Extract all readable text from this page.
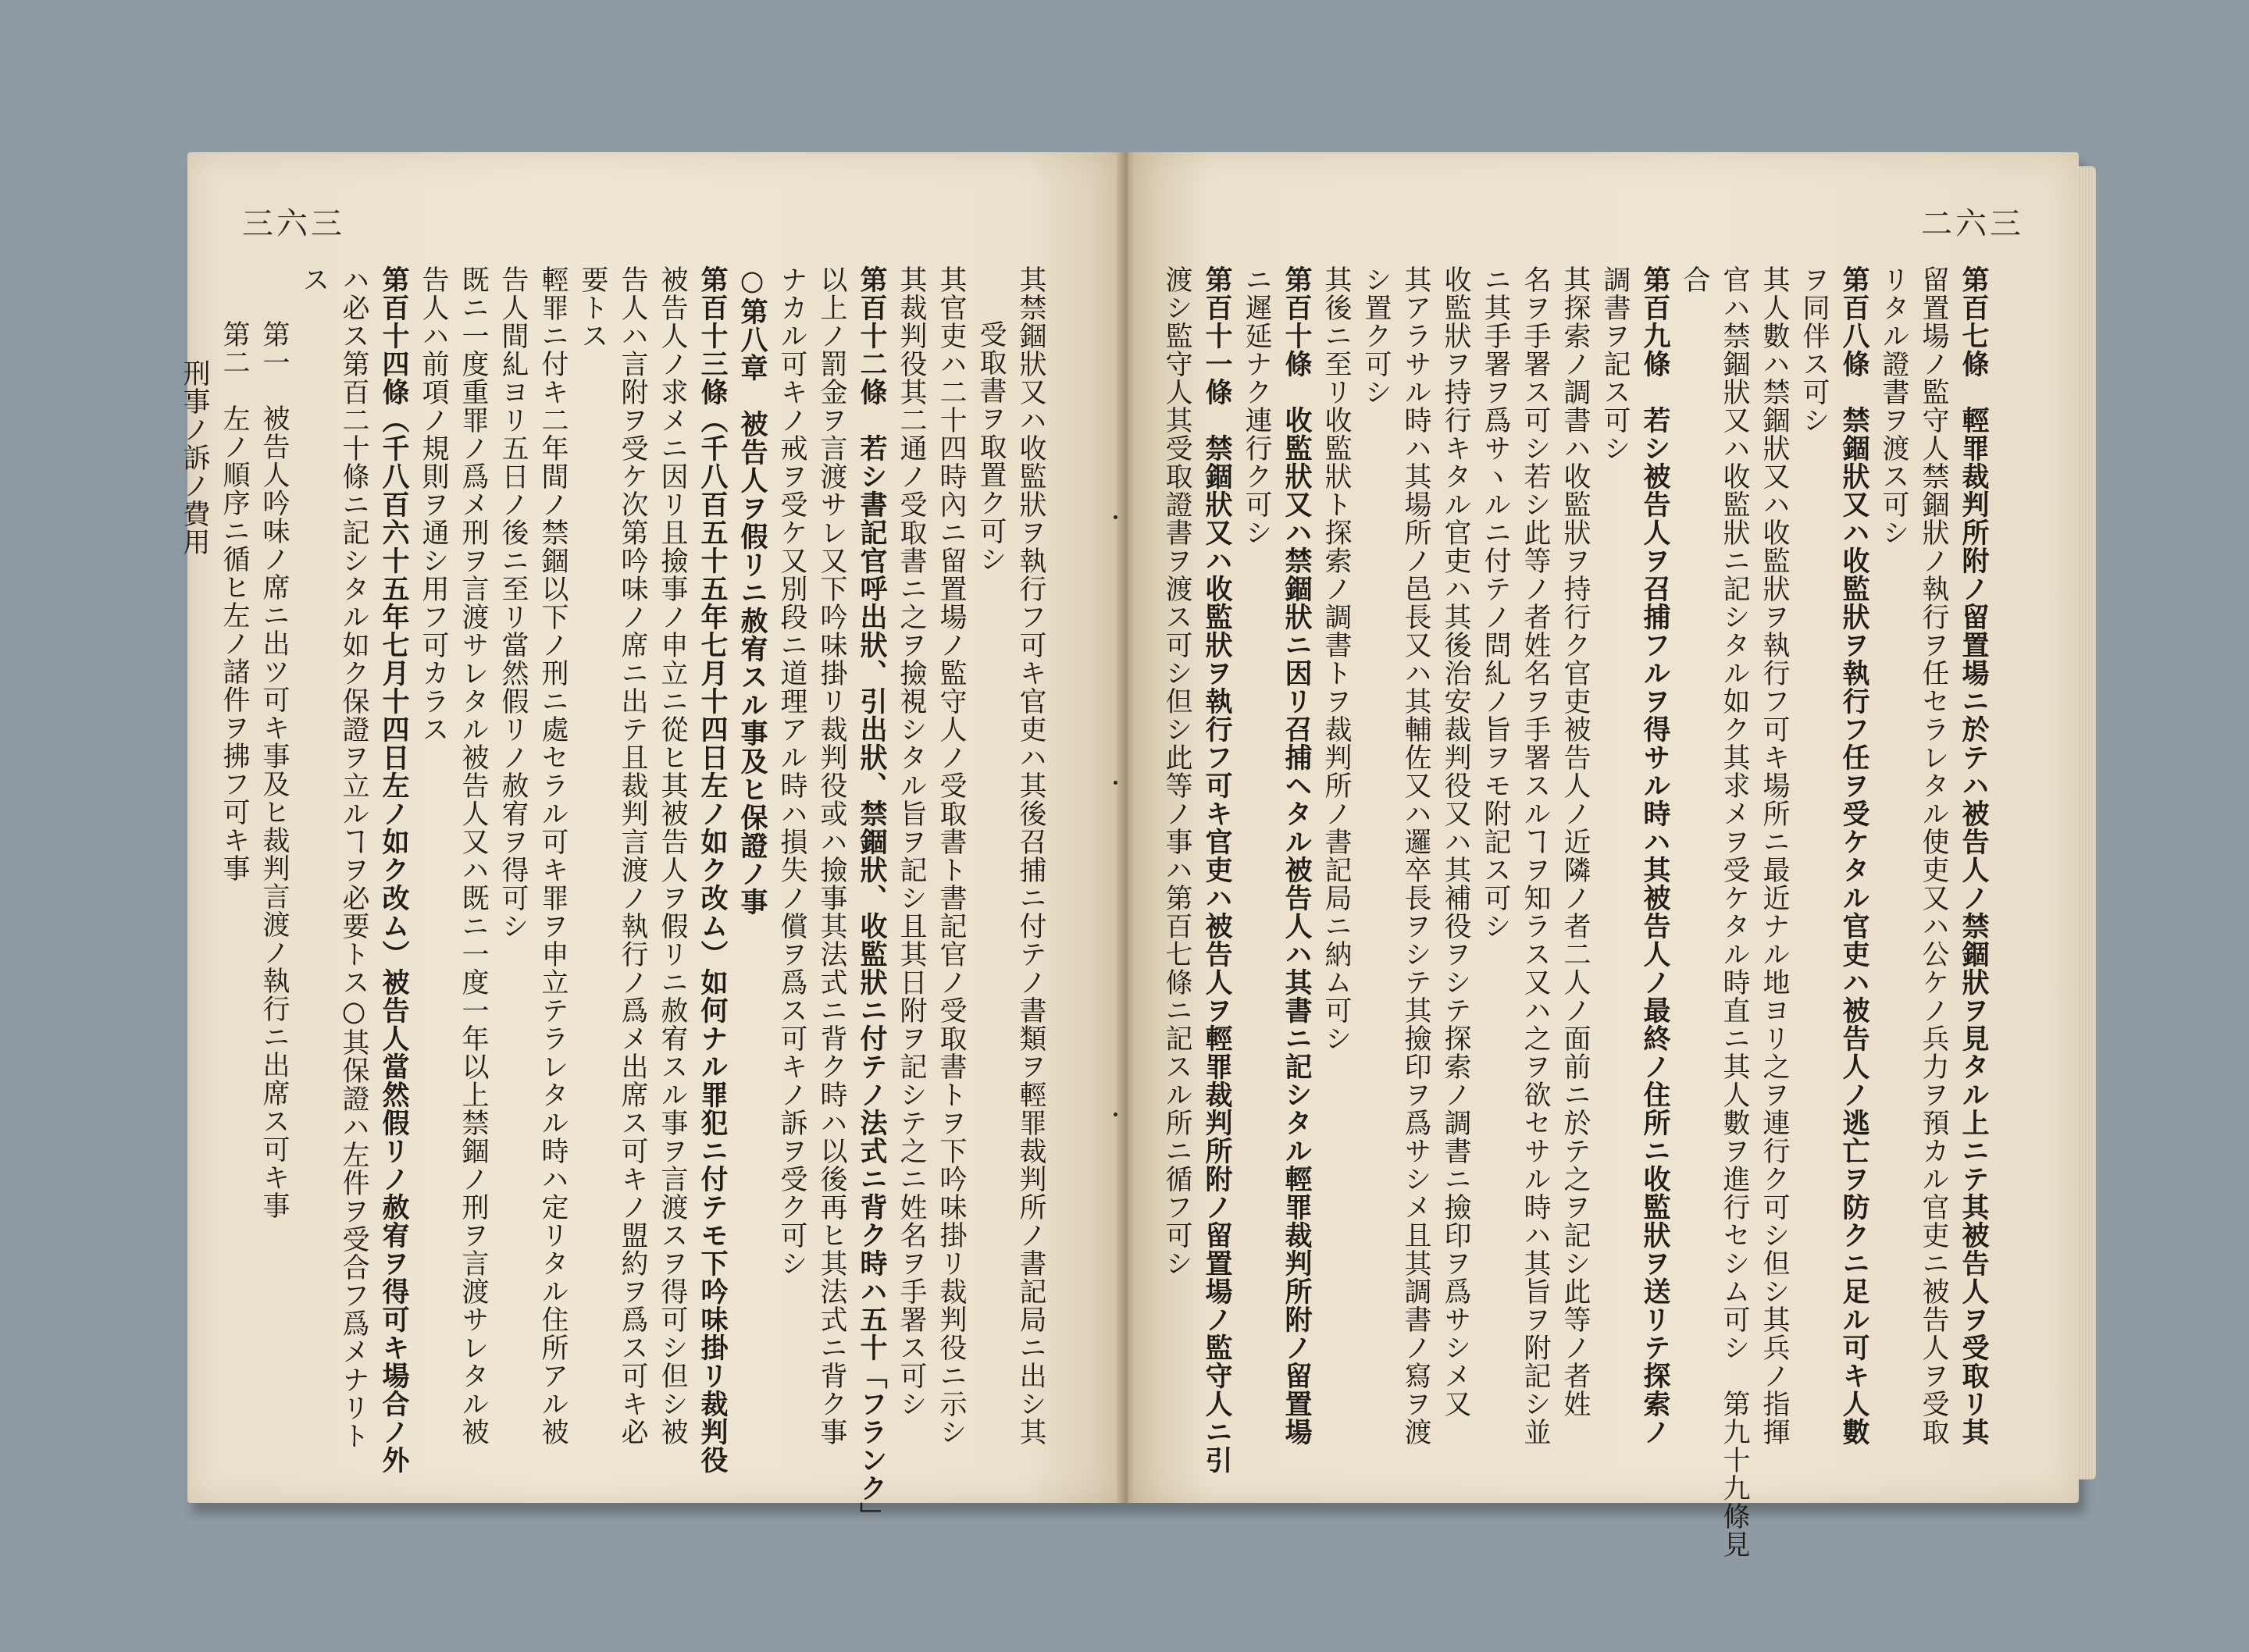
三六三
其禁錮狀又ハ收監狀ヲ執行フ可キ官吏ハ其後召捕ニ付テノ書類ヲ輕罪裁判所ノ書記局ニ出シ其
受取書ヲ取置ク可シ
其官吏ハ二十四時內ニ留置場ノ監守人ノ受取書ト書記官ノ受取書トヲ下吟味掛リ裁判役ニ示シ
其裁判役其二通ノ受取書ニ之ヲ撿視シタル旨ヲ記シ且其日附ヲ記シテ之ニ姓名ヲ手署ス可シ
第百十二條　若シ書記官呼出狀、引出狀、禁錮狀、收監狀ニ付テノ法式ニ背ク時ハ五十「フランク」
以上ノ罰金ヲ言渡サレ又下吟味掛リ裁判役或ハ撿事其法式ニ背ク時ハ以後再ヒ其法式ニ背ク事
ナカル可キノ戒ヲ受ケ又別段ニ道理アル時ハ損失ノ償ヲ爲ス可キノ訴ヲ受ク可シ
○第八章　被告人ヲ假リニ赦宥スル事及ヒ保證ノ事
第百十三條（千八百五十五年七月十四日左ノ如ク改ム）如何ナル罪犯ニ付テモ下吟味掛リ裁判役
被告人ノ求メニ因リ且撿事ノ申立ニ從ヒ其被告人ヲ假リニ赦宥スル事ヲ言渡スヲ得可シ但シ被
告人ハ言附ヲ受ケ次第吟味ノ席ニ出テ且裁判言渡ノ執行ノ爲メ出席ス可キノ盟約ヲ爲ス可キ必
要トス
輕罪ニ付キ二年間ノ禁錮以下ノ刑ニ處セラル可キ罪ヲ申立テラレタル時ハ定リタル住所アル被
告人間糺ヨリ五日ノ後ニ至リ當然假リノ赦宥ヲ得可シ
既ニ一度重罪ノ爲メ刑ヲ言渡サレタル被告人又ハ既ニ一度一年以上禁錮ノ刑ヲ言渡サレタル被
告人ハ前項ノ規則ヲ通シ用フ可カラス
第百十四條（千八百六十五年七月十四日左ノ如ク改ム）被告人當然假リノ赦宥ヲ得可キ場合ノ外
ハ必ス第百二十條ニ記シタル如ク保證ヲ立ルヿヲ必要トス○其保證ハ左件ヲ受合フ爲メナリト
ス
第一　被告人吟味ノ席ニ出ツ可キ事及ヒ裁判言渡ノ執行ニ出席ス可キ事
第二　左ノ順序ニ循ヒ左ノ諸件ヲ拂フ可キ事
刑事ノ訴ノ費用
二六三
第百七條　輕罪裁判所附ノ留置場ニ於テハ被告人ノ禁錮狀ヲ見タル上ニテ其被告人ヲ受取リ其
留置場ノ監守人禁錮狀ノ執行ヲ任セラレタル使吏又ハ公ケノ兵力ヲ預カル官吏ニ被告人ヲ受取
リタル證書ヲ渡ス可シ
第百八條　禁錮狀又ハ收監狀ヲ執行フ任ヲ受ケタル官吏ハ被告人ノ逃亡ヲ防クニ足ル可キ人數
ヲ同伴ス可シ
其人數ハ禁錮狀又ハ收監狀ヲ執行フ可キ場所ニ最近ナル地ヨリ之ヲ連行ク可シ但シ其兵ノ指揮
官ハ禁錮狀又ハ收監狀ニ記シタル如ク其求メヲ受ケタル時直ニ其人數ヲ進行セシム可シ　第九十九條見
合
第百九條　若シ被告人ヲ召捕フルヲ得サル時ハ其被告人ノ最終ノ住所ニ收監狀ヲ送リテ探索ノ
調書ヲ記ス可シ
其探索ノ調書ハ收監狀ヲ持行ク官吏被告人ノ近隣ノ者二人ノ面前ニ於テ之ヲ記シ此等ノ者姓
名ヲ手署ス可シ若シ此等ノ者姓名ヲ手署スルヿヲ知ラス又ハ之ヲ欲セサル時ハ其旨ヲ附記シ並
ニ其手署ヲ爲サヽルニ付テノ問糺ノ旨ヲモ附記ス可シ
收監狀ヲ持行キタル官吏ハ其後治安裁判役又ハ其補役ヲシテ探索ノ調書ニ撿印ヲ爲サシメ又
其アラサル時ハ其場所ノ邑長又ハ其輔佐又ハ邏卒長ヲシテ其撿印ヲ爲サシメ且其調書ノ寫ヲ渡
シ置ク可シ
其後ニ至リ收監狀ト探索ノ調書トヲ裁判所ノ書記局ニ納ム可シ
第百十條　收監狀又ハ禁錮狀ニ因リ召捕ヘタル被告人ハ其書ニ記シタル輕罪裁判所附ノ留置場
ニ遲延ナク連行ク可シ
第百十一條　禁錮狀又ハ收監狀ヲ執行フ可キ官吏ハ被告人ヲ輕罪裁判所附ノ留置場ノ監守人ニ引
渡シ監守人其受取證書ヲ渡ス可シ但シ此等ノ事ハ第百七條ニ記スル所ニ循フ可シ
